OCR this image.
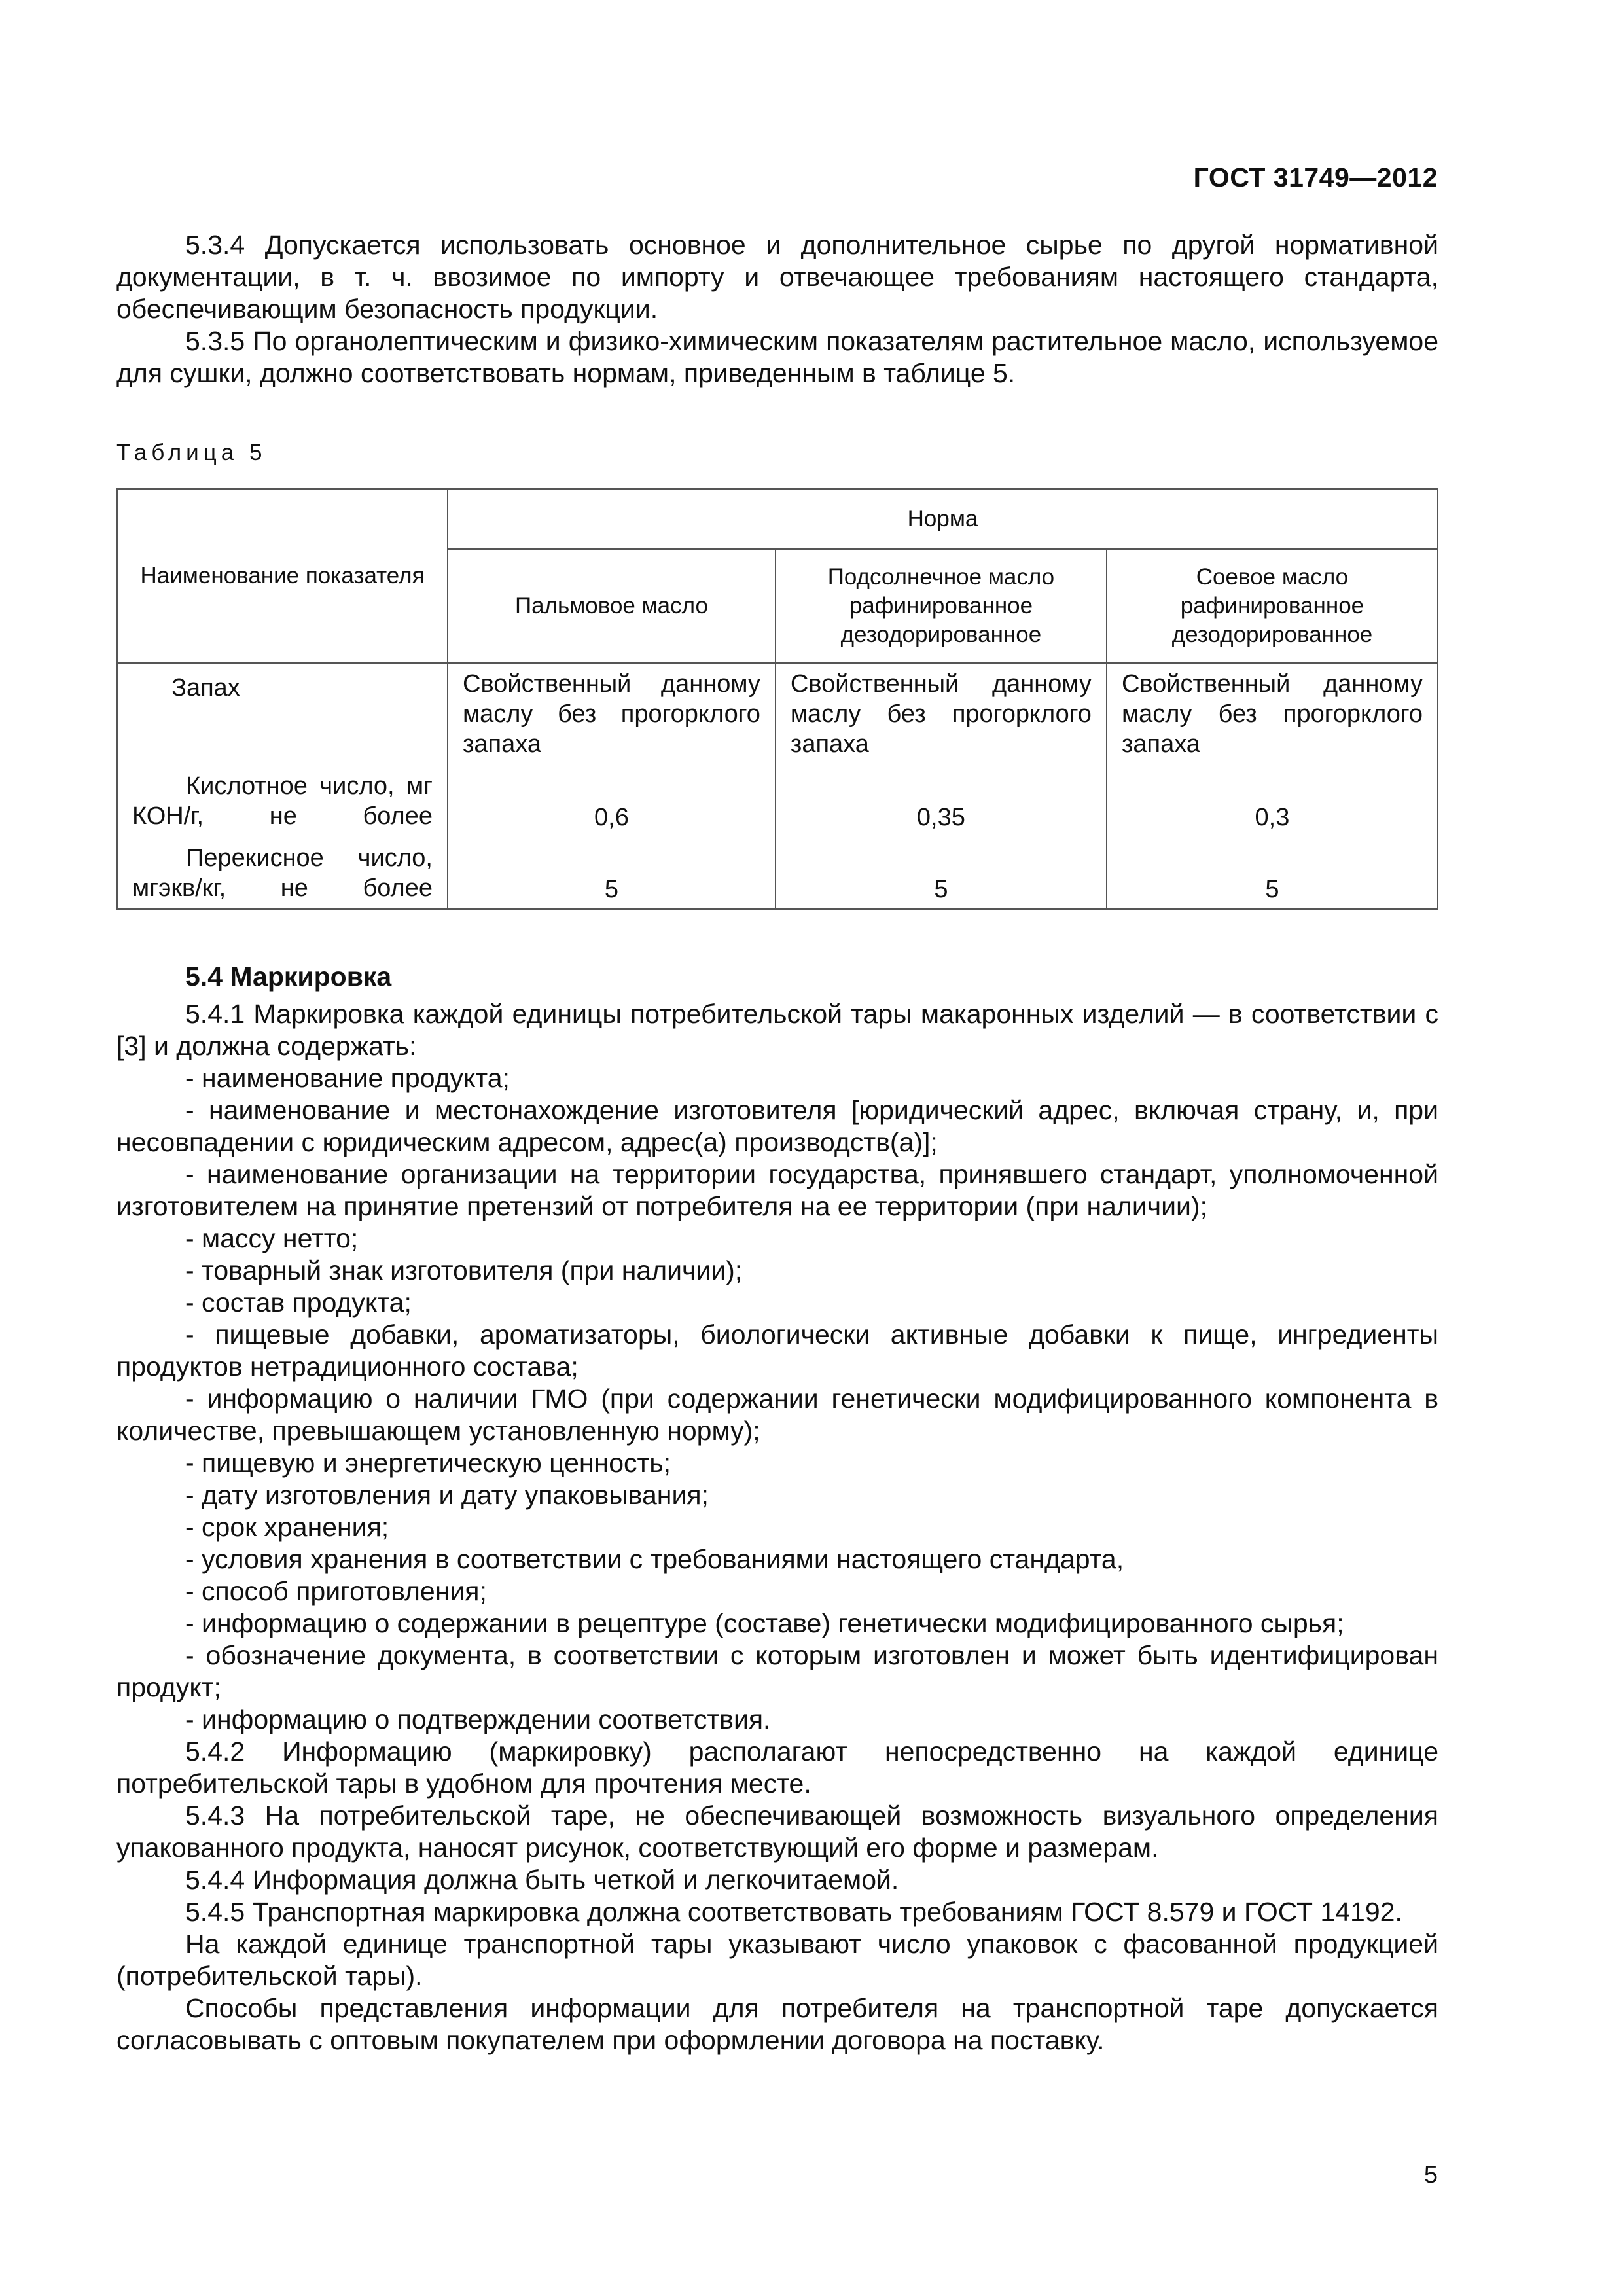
ГОСТ 31749—2012

5.3.4 Допускается использовать основное и дополнительное сырье по другой нормативной документации, в т. ч. ввозимое по импорту и отвечающее требованиям настоящего стандарта, обеспечивающим безопасность продукции.

5.3.5 По органолептическим и физико-химическим показателям растительное масло, используемое для сушки, должно соответствовать нормам, приведенным в таблице 5.

Таблица 5

Наименование показателя	Норма		
	Пальмовое масло	Подсолнечное масло рафинированное дезодорированное	Соевое масло рафинированное дезодорированное
Запах	Свойственный данному маслу без прогорклого запаха	Свойственный данному маслу без прогорклого запаха	Свойственный данному маслу без прогорклого запаха
Кислотное число, мг КОН/г, не более	0,6	0,35	0,3
Перекисное число, мгэкв/кг, не более	5	5	5
5.4 Маркировка

5.4.1 Маркировка каждой единицы потребительской тары макаронных изделий — в соответствии с [3] и должна содержать:

- наименование продукта;

- наименование и местонахождение изготовителя [юридический адрес, включая страну, и, при несовпадении с юридическим адресом, адрес(а) производств(а)];

- наименование организации на территории государства, принявшего стандарт, уполномоченной изготовителем на принятие претензий от потребителя на ее территории (при наличии);

- массу нетто;

- товарный знак изготовителя (при наличии);

- состав продукта;

- пищевые добавки, ароматизаторы, биологически активные добавки к пище, ингредиенты продуктов нетрадиционного состава;

- информацию о наличии ГМО (при содержании генетически модифицированного компонента в количестве, превышающем установленную норму);

- пищевую и энергетическую ценность;

- дату изготовления и дату упаковывания;

- срок хранения;

- условия хранения в соответствии с требованиями настоящего стандарта,

- способ приготовления;

- информацию о содержании в рецептуре (составе) генетически модифицированного сырья;

- обозначение документа, в соответствии с которым изготовлен и может быть идентифицирован продукт;

- информацию о подтверждении соответствия.

5.4.2 Информацию (маркировку) располагают непосредственно на каждой единице потребительской тары в удобном для прочтения месте.

5.4.3 На потребительской таре, не обеспечивающей возможность визуального определения упакованного продукта, наносят рисунок, соответствующий его форме и размерам.

5.4.4 Информация должна быть четкой и легкочитаемой.

5.4.5 Транспортная маркировка должна соответствовать требованиям ГОСТ 8.579 и ГОСТ 14192.

На каждой единице транспортной тары указывают число упаковок с фасованной продукцией (потребительской тары).

Способы представления информации для потребителя на транспортной таре допускается согласовывать с оптовым покупателем при оформлении договора на поставку.

5
